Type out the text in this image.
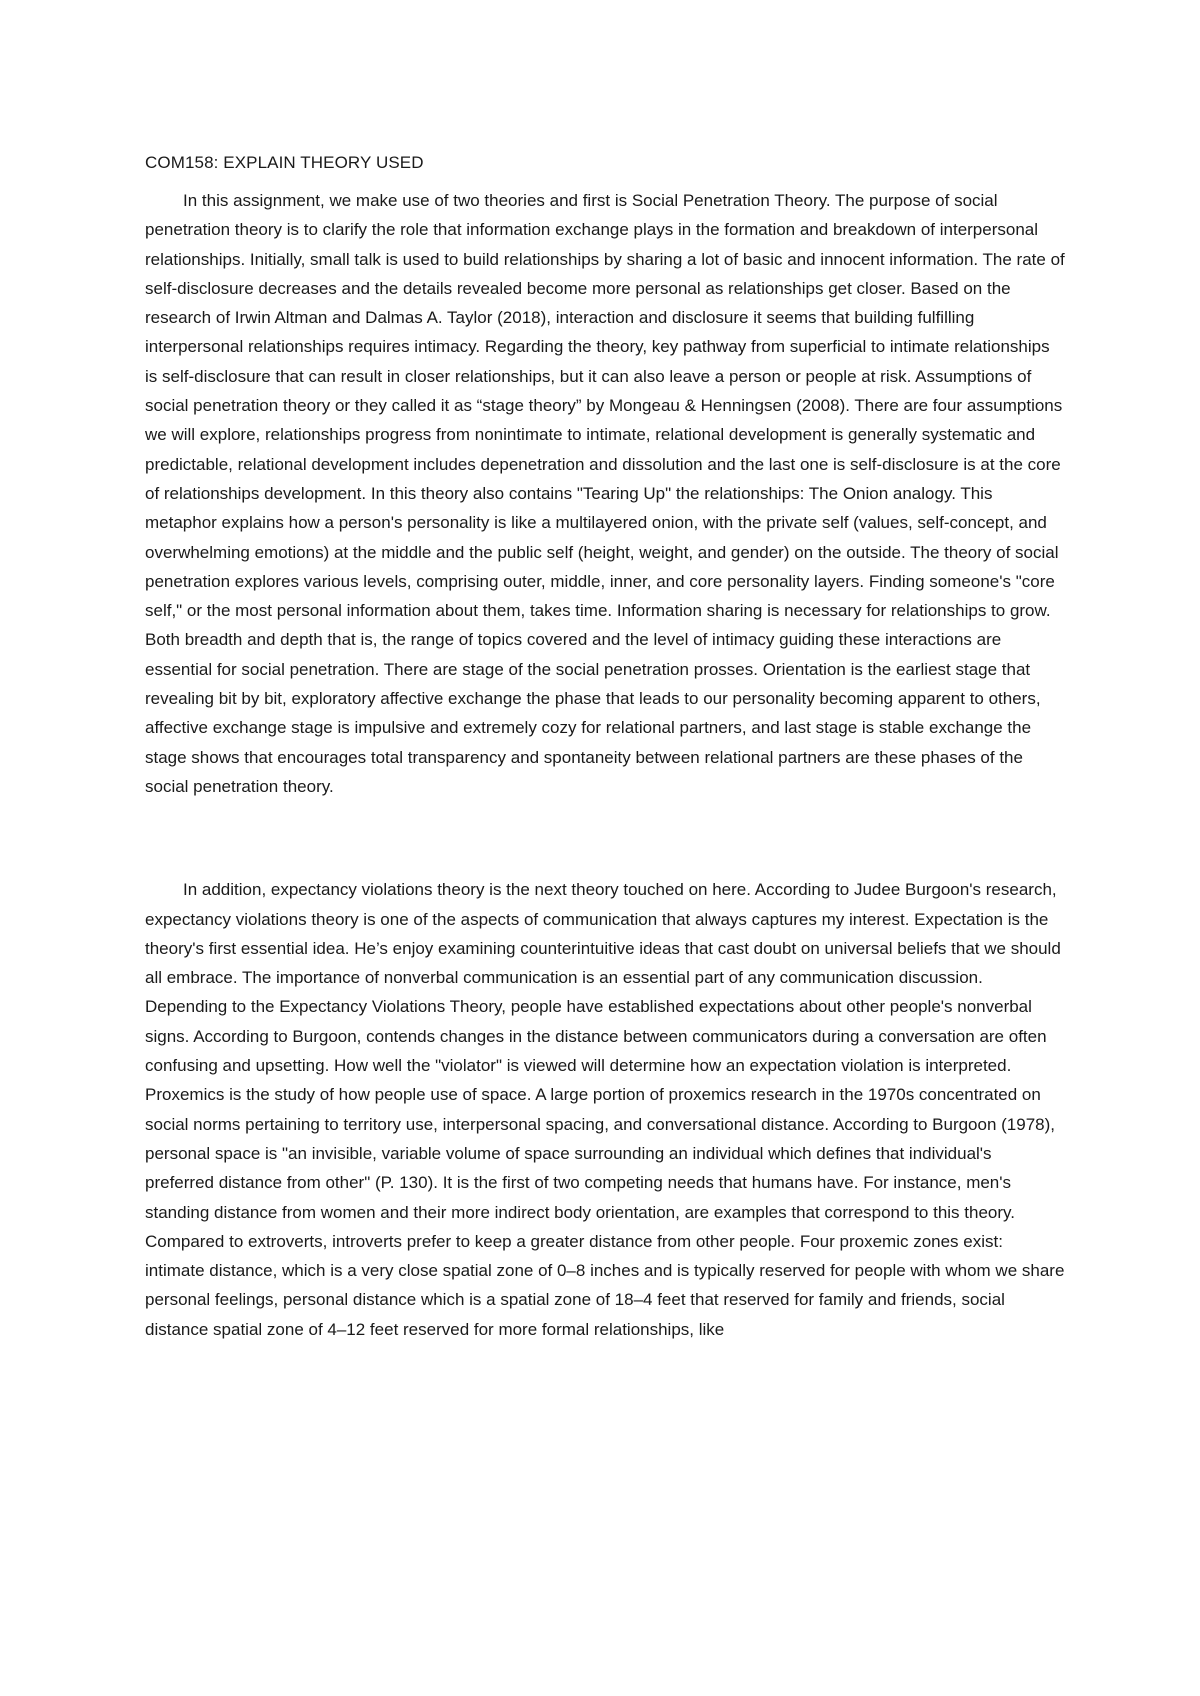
COM158: EXPLAIN THEORY USED

In this assignment, we make use of two theories and first is Social Penetration Theory. The purpose of social penetration theory is to clarify the role that information exchange plays in the formation and breakdown of interpersonal relationships. Initially, small talk is used to build relationships by sharing a lot of basic and innocent information. The rate of self-disclosure decreases and the details revealed become more personal as relationships get closer. Based on the research of Irwin Altman and Dalmas A. Taylor (2018), interaction and disclosure it seems that building fulfilling interpersonal relationships requires intimacy. Regarding the theory, key pathway from superficial to intimate relationships is self-disclosure that can result in closer relationships, but it can also leave a person or people at risk. Assumptions of social penetration theory or they called it as “stage theory” by Mongeau & Henningsen (2008). There are four assumptions we will explore, relationships progress from nonintimate to intimate, relational development is generally systematic and predictable, relational development includes depenetration and dissolution and the last one is self-disclosure is at the core of relationships development. In this theory also contains "Tearing Up" the relationships: The Onion analogy. This metaphor explains how a person's personality is like a multilayered onion, with the private self (values, self-concept, and overwhelming emotions) at the middle and the public self (height, weight, and gender) on the outside. The theory of social penetration explores various levels, comprising outer, middle, inner, and core personality layers. Finding someone's "core self," or the most personal information about them, takes time. Information sharing is necessary for relationships to grow. Both breadth and depth that is, the range of topics covered and the level of intimacy guiding these interactions are essential for social penetration. There are stage of the social penetration prosses. Orientation is the earliest stage that revealing bit by bit, exploratory affective exchange the phase that leads to our personality becoming apparent to others, affective exchange stage is impulsive and extremely cozy for relational partners, and last stage is stable exchange the stage shows that encourages total transparency and spontaneity between relational partners are these phases of the social penetration theory.

In addition, expectancy violations theory is the next theory touched on here. According to Judee Burgoon's research, expectancy violations theory is one of the aspects of communication that always captures my interest. Expectation is the theory's first essential idea. He’s enjoy examining counterintuitive ideas that cast doubt on universal beliefs that we should all embrace. The importance of nonverbal communication is an essential part of any communication discussion. Depending to the Expectancy Violations Theory, people have established expectations about other people's nonverbal signs. According to Burgoon, contends changes in the distance between communicators during a conversation are often confusing and upsetting. How well the "violator" is viewed will determine how an expectation violation is interpreted. Proxemics is the study of how people use of space. A large portion of proxemics research in the 1970s concentrated on social norms pertaining to territory use, interpersonal spacing, and conversational distance. According to Burgoon (1978), personal space is "an invisible, variable volume of space surrounding an individual which defines that individual's preferred distance from other" (P. 130). It is the first of two competing needs that humans have. For instance, men's standing distance from women and their more indirect body orientation, are examples that correspond to this theory. Compared to extroverts, introverts prefer to keep a greater distance from other people. Four proxemic zones exist: intimate distance, which is a very close spatial zone of 0–8 inches and is typically reserved for people with whom we share personal feelings, personal distance which is a spatial zone of 18–4 feet that reserved for family and friends, social distance spatial zone of 4–12 feet reserved for more formal relationships, like
